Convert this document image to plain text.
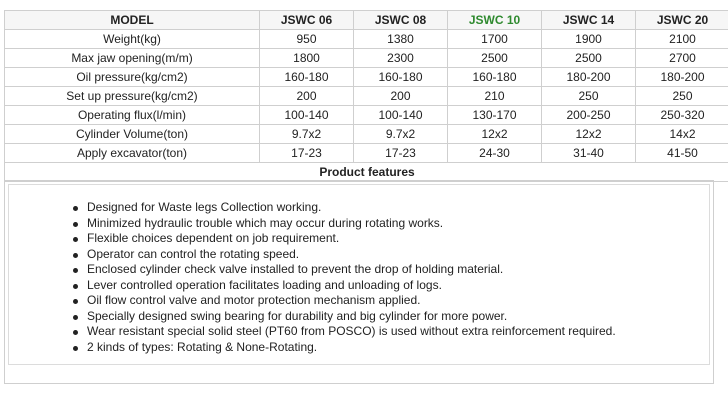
MODEL	JSWC 06	JSWC 08	JSWC 10	JSWC 14	JSWC 20
Weight(kg)	950	1380	1700	1900	2100
Max jaw opening(m/m)	1800	2300	2500	2500	2700
Oil pressure(kg/cm2)	160-180	160-180	160-180	180-200	180-200
Set up pressure(kg/cm2)	200	200	210	250	250
Operating flux(l/min)	100-140	100-140	130-170	200-250	250-320
Cylinder Volume(ton)	9.7x2	9.7x2	12x2	12x2	14x2
Apply excavator(ton)	17-23	17-23	24-30	31-40	41-50
Product features					
Designed for Waste legs Collection working.
Minimized hydraulic trouble which may occur during rotating works.
Flexible choices dependent on job requirement.
Operator can control the rotating speed.
Enclosed cylinder check valve installed to prevent the drop of holding material.
Lever controlled operation facilitates loading and unloading of logs.
Oil flow control valve and motor protection mechanism applied.
Specially designed swing bearing for durability and big cylinder for more power.
Wear resistant special solid steel (PT60 from POSCO) is used without extra reinforcement required.
2 kinds of types: Rotating & None-Rotating.
